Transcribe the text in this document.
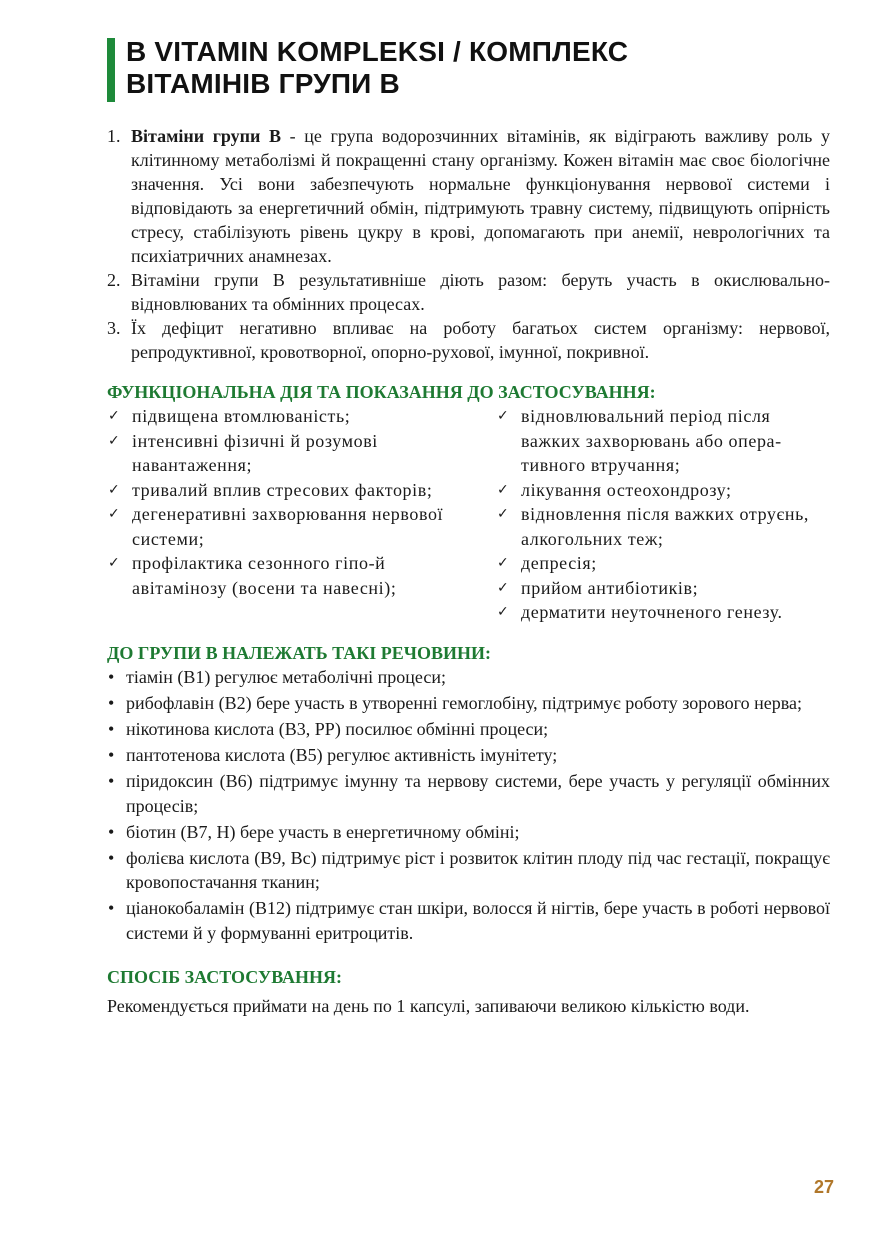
B VITAMIN KOMPLEKSI / КОМПЛЕКС
ВІТАМІНІВ ГРУПИ В
1. Вітаміни групи В - це група водорозчинних вітамінів, як відіграють важливу роль у клітинному метаболізмі й покращенні стану організму. Кожен вітамін має своє біологічне значення. Усі вони забезпечують нормальне функціонування нервової системи і відповідають за енергетичний обмін, підтримують травну систему, підвищують опірність стресу, стабілізують рівень цукру в крові, допомагають при анемії, неврологічних та психіатричних анамнезах.
2. Вітаміни групи В результативніше діють разом: беруть участь в окислювально-відновлюваних та обмінних процесах.
3. Їх дефіцит негативно впливає на роботу багатьох систем організму: нервової, репродуктивної, кровотворної, опорно-рухової, імунної, покривної.
ФУНКЦІОНАЛЬНА ДІЯ ТА ПОКАЗАННЯ ДО ЗАСТОСУВАННЯ:
✓ підвищена втомлюваність;
✓ інтенсивні фізичні й розумові навантаження;
✓ тривалий вплив стресових факторів;
✓ дегенеративні захворювання нервової системи;
✓ профілактика сезонного гіпо-й авітамінозу (восени та навесні);
✓ відновлювальний період після важких захворювань або опера-тивного втручання;
✓ лікування остеохондрозу;
✓ відновлення після важких отруєнь, алкогольних теж;
✓ депресія;
✓ прийом антибіотиків;
✓ дерматити неуточненого генезу.
ДО ГРУПИ В НАЛЕЖАТЬ ТАКІ РЕЧОВИНИ:
• тіамін (В1) регулює метаболічні процеси;
• рибофлавін (В2) бере участь в утворенні гемоглобіну, підтримує роботу зорового нерва;
• нікотинова кислота (В3, РР) посилює обмінні процеси;
• пантотенова кислота (В5) регулює активність імунітету;
• піридоксин (В6) підтримує імунну та нервову системи, бере участь у регуляції обмінних процесів;
• біотин (В7, Н) бере участь в енергетичному обміні;
• фолієва кислота (В9, Вс) підтримує ріст і розвиток клітин плоду під час гестації, покращує кровопостачання тканин;
• ціанокобаламін (В12) підтримує стан шкіри, волосся й нігтів, бере участь в роботі нервової системи й у формуванні еритроцитів.
СПОСІБ ЗАСТОСУВАННЯ:

Рекомендується приймати на день по 1 капсулі, запиваючи великою кількістю води.

27
